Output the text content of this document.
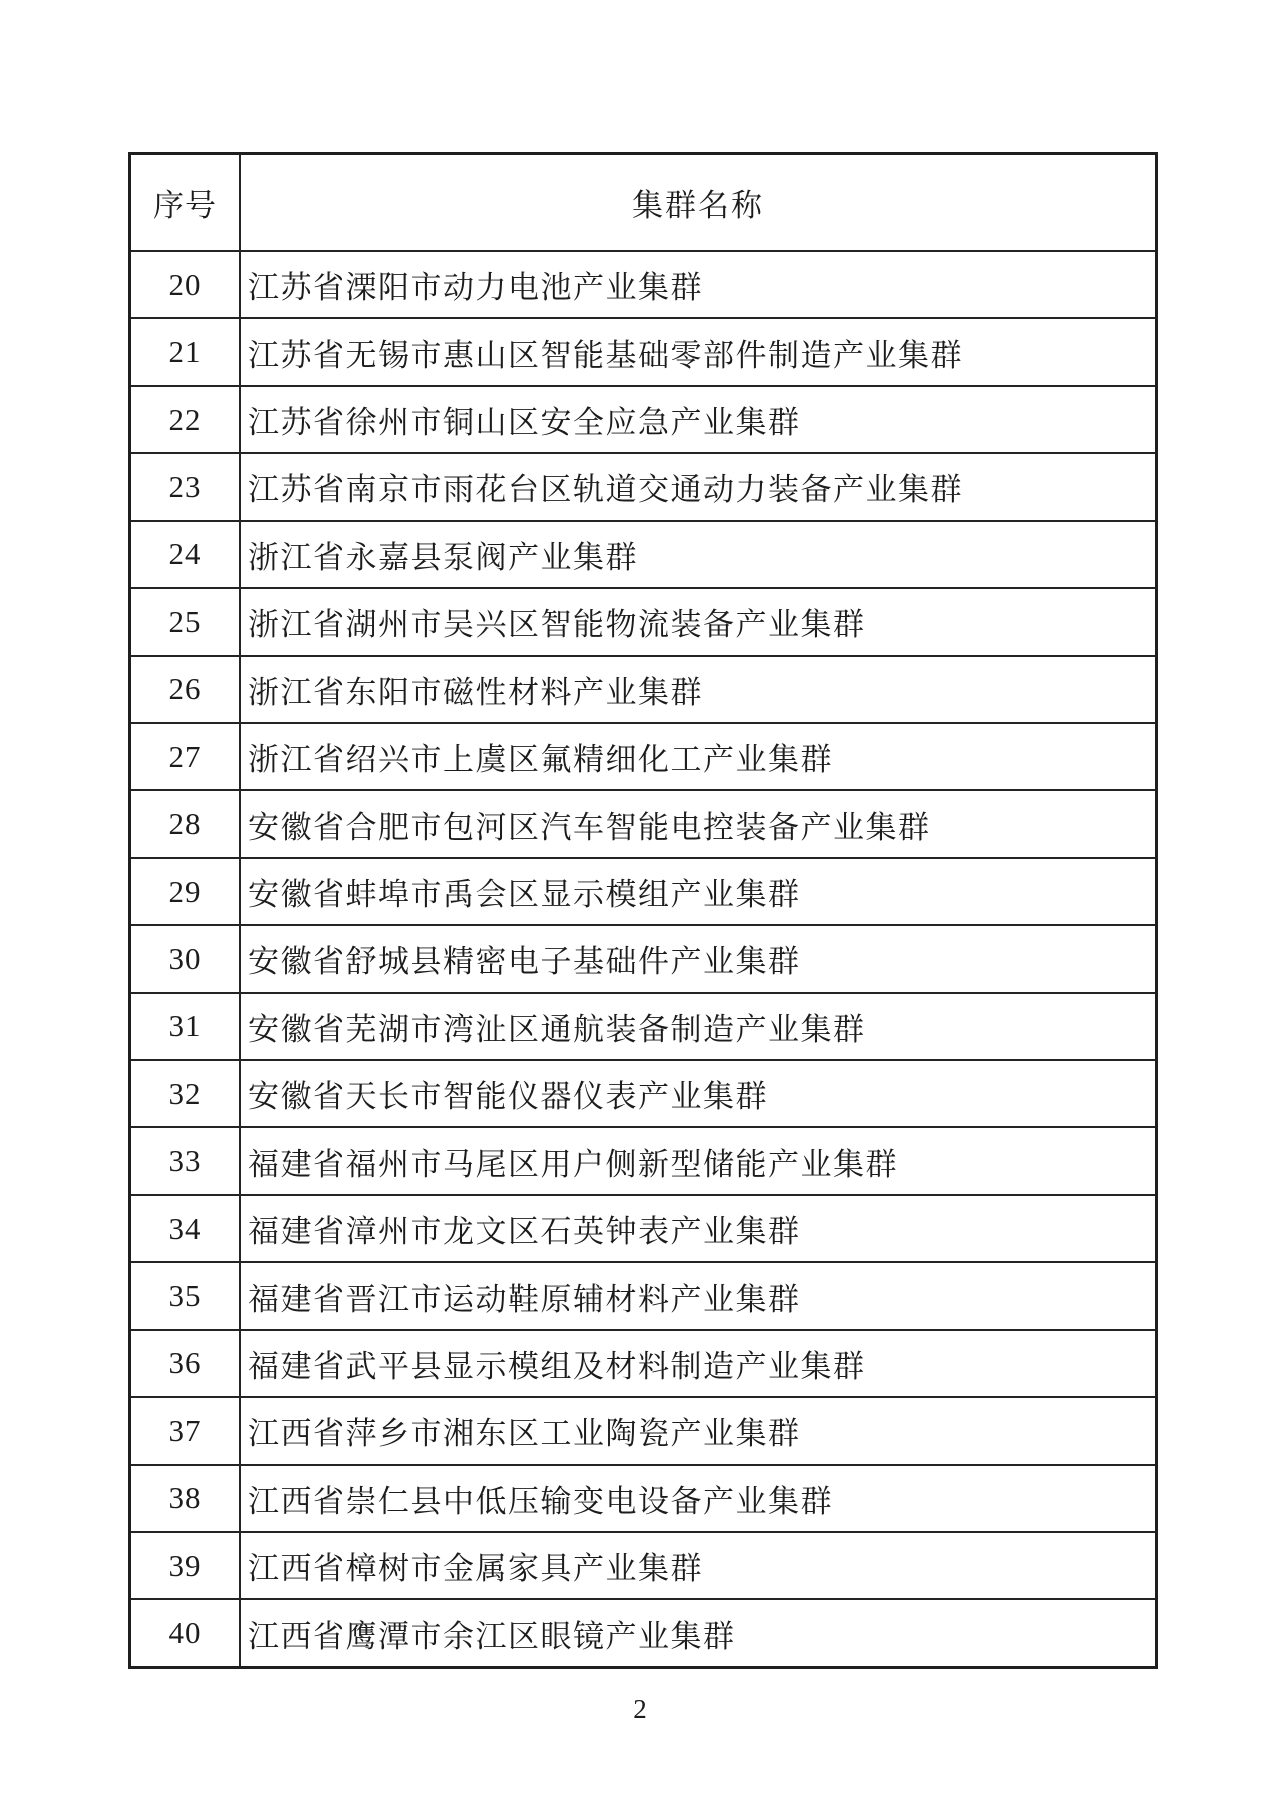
序号	集群名称
20	江苏省溧阳市动力电池产业集群
21	江苏省无锡市惠山区智能基础零部件制造产业集群
22	江苏省徐州市铜山区安全应急产业集群
23	江苏省南京市雨花台区轨道交通动力装备产业集群
24	浙江省永嘉县泵阀产业集群
25	浙江省湖州市吴兴区智能物流装备产业集群
26	浙江省东阳市磁性材料产业集群
27	浙江省绍兴市上虞区氟精细化工产业集群
28	安徽省合肥市包河区汽车智能电控装备产业集群
29	安徽省蚌埠市禹会区显示模组产业集群
30	安徽省舒城县精密电子基础件产业集群
31	安徽省芜湖市湾沚区通航装备制造产业集群
32	安徽省天长市智能仪器仪表产业集群
33	福建省福州市马尾区用户侧新型储能产业集群
34	福建省漳州市龙文区石英钟表产业集群
35	福建省晋江市运动鞋原辅材料产业集群
36	福建省武平县显示模组及材料制造产业集群
37	江西省萍乡市湘东区工业陶瓷产业集群
38	江西省崇仁县中低压输变电设备产业集群
39	江西省樟树市金属家具产业集群
40	江西省鹰潭市余江区眼镜产业集群
2
